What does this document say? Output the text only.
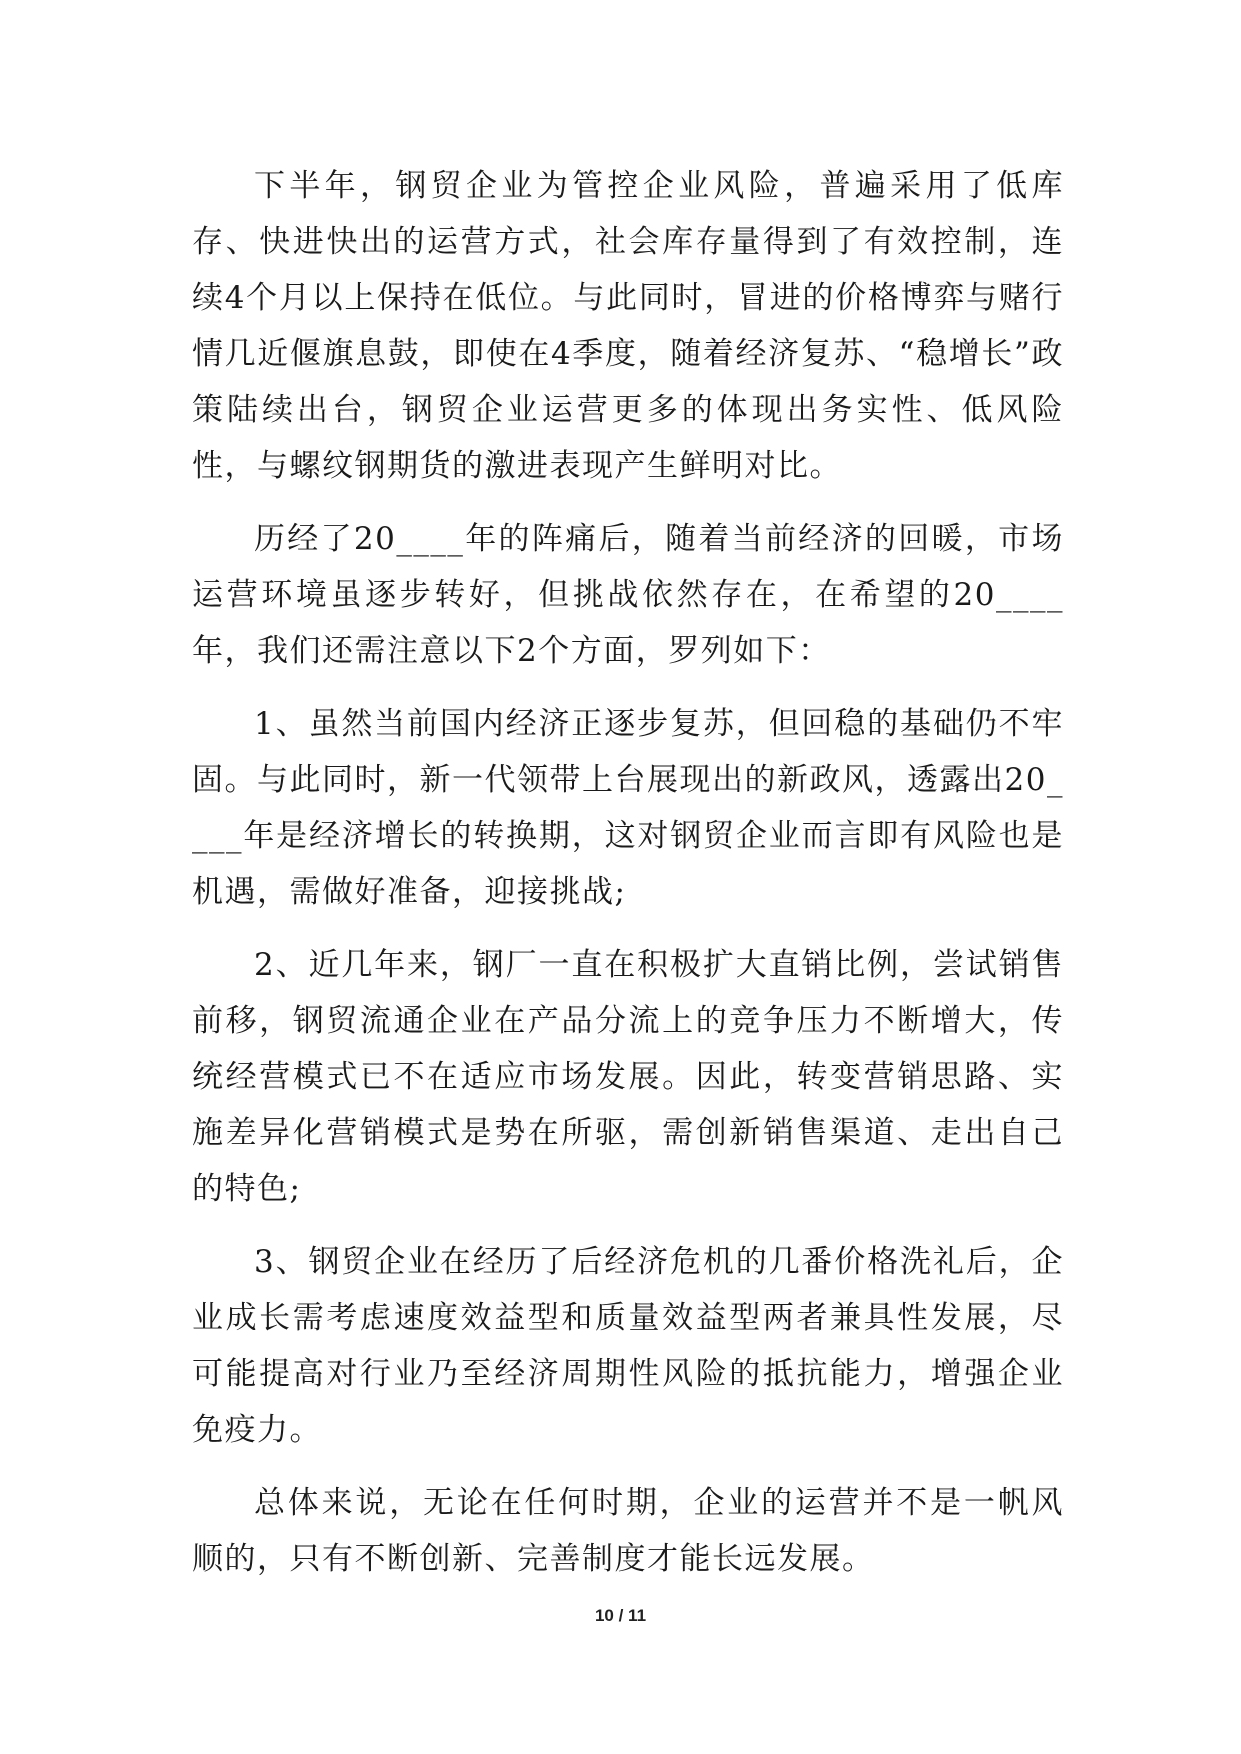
下半年，钢贸企业为管控企业风险，普遍采用了低库存、快进快出的运营方式，社会库存量得到了有效控制，连续4个月以上保持在低位。与此同时，冒进的价格博弈与赌行情几近偃旗息鼓，即使在4季度，随着经济复苏、“稳增长”政策陆续出台，钢贸企业运营更多的体现出务实性、低风险性，与螺纹钢期货的激进表现产生鲜明对比。

历经了20____年的阵痛后，随着当前经济的回暖，市场运营环境虽逐步转好，但挑战依然存在，在希望的20____年，我们还需注意以下2个方面，罗列如下：

1、虽然当前国内经济正逐步复苏，但回稳的基础仍不牢固。与此同时，新一代领带上台展现出的新政风，透露出20____年是经济增长的转换期，这对钢贸企业而言即有风险也是机遇，需做好准备，迎接挑战;

2、近几年来，钢厂一直在积极扩大直销比例，尝试销售前移，钢贸流通企业在产品分流上的竞争压力不断增大，传统经营模式已不在适应市场发展。因此，转变营销思路、实施差异化营销模式是势在所驱，需创新销售渠道、走出自己的特色;

3、钢贸企业在经历了后经济危机的几番价格洗礼后，企业成长需考虑速度效益型和质量效益型两者兼具性发展，尽可能提高对行业乃至经济周期性风险的抵抗能力，增强企业免疫力。

总体来说，无论在任何时期，企业的运营并不是一帆风顺的，只有不断创新、完善制度才能长远发展。

10 / 11
